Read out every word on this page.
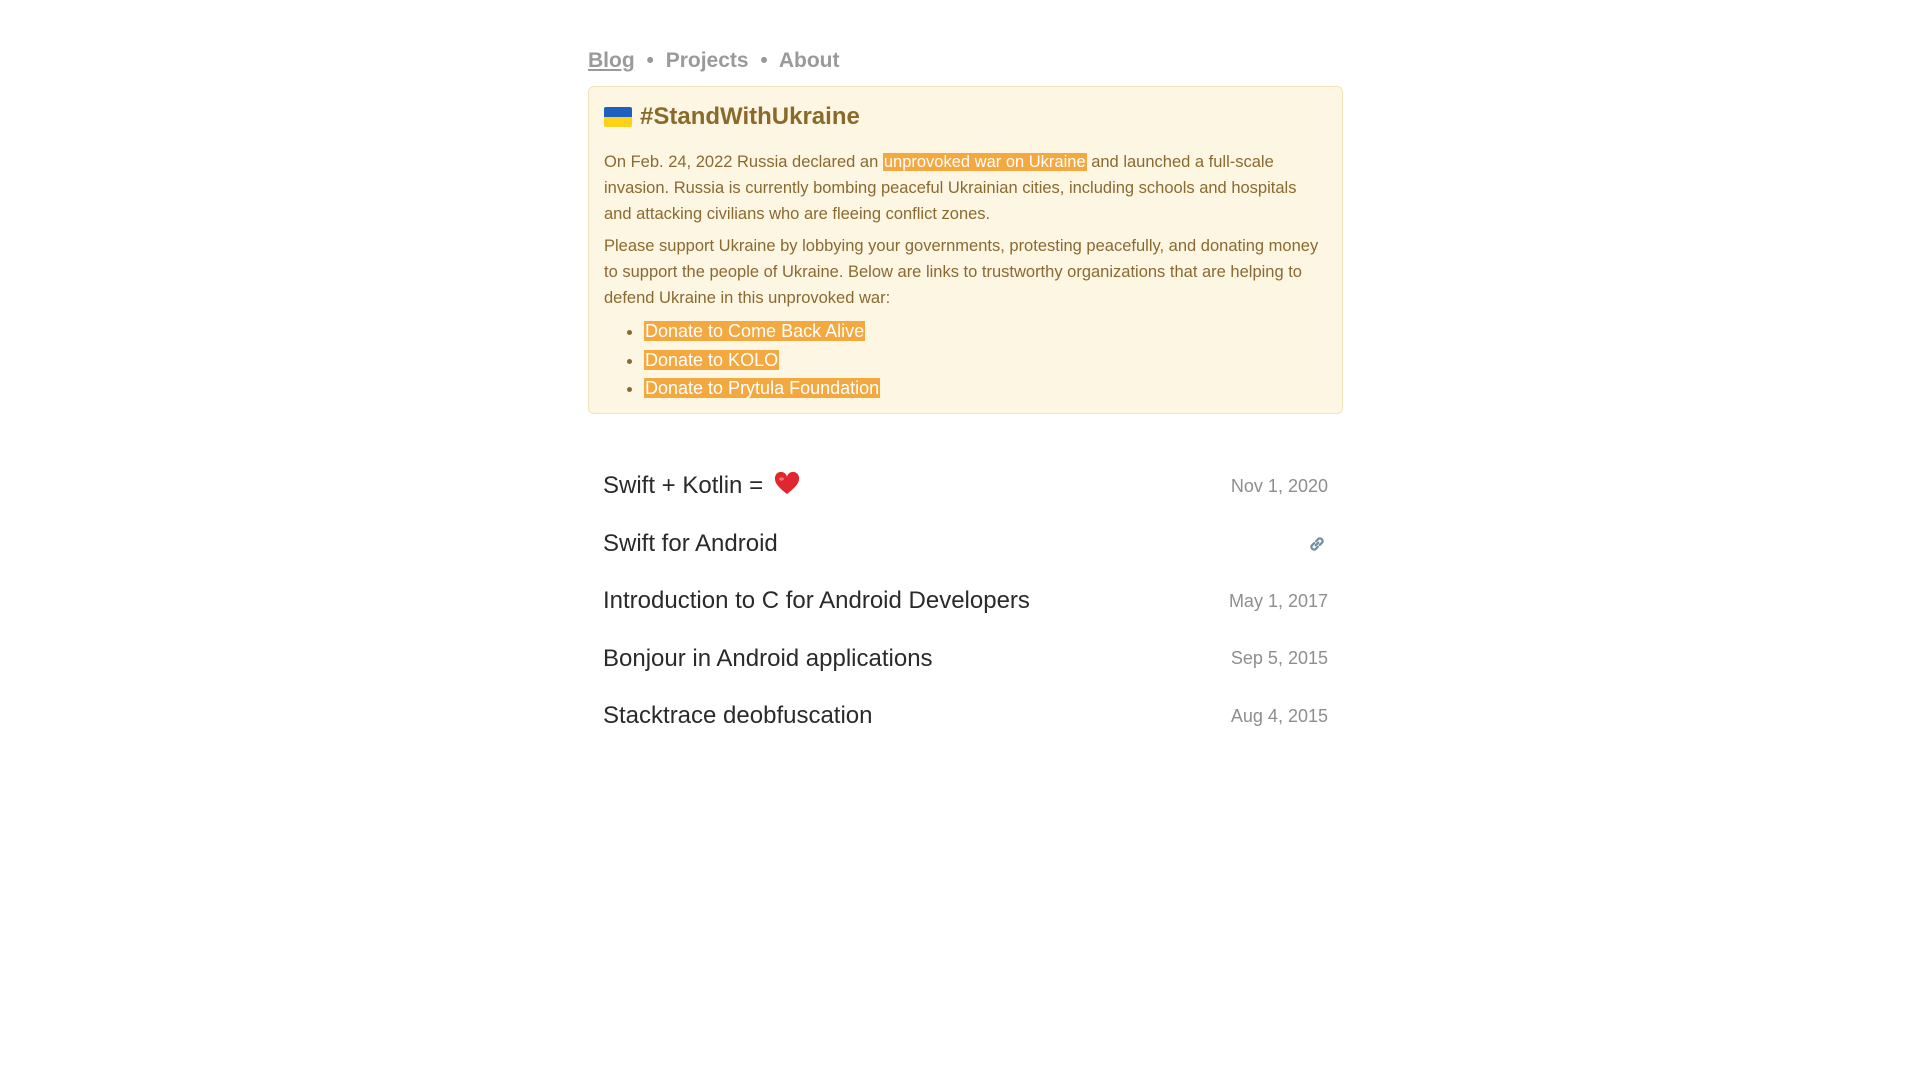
Blog • Projects • About
#StandWithUkraine

On Feb. 24, 2022 Russia declared an unprovoked war on Ukraine and launched a full-scale invasion. Russia is currently bombing peaceful Ukrainian cities, including schools and hospitals and attacking civilians who are fleeing conflict zones.

Please support Ukraine by lobbying your governments, protesting peacefully, and donating money to support the people of Ukraine. Below are links to trustworthy organizations that are helping to defend Ukraine in this unprovoked war:

• Donate to Come Back Alive
• Donate to KOLO
• Donate to Prytula Foundation
Swift + Kotlin =	Nov 1, 2020
Swift for Android
Introduction to C for Android Developers	May 1, 2017
Bonjour in Android applications	Sep 5, 2015
Stacktrace deobfuscation	Aug 4, 2015
